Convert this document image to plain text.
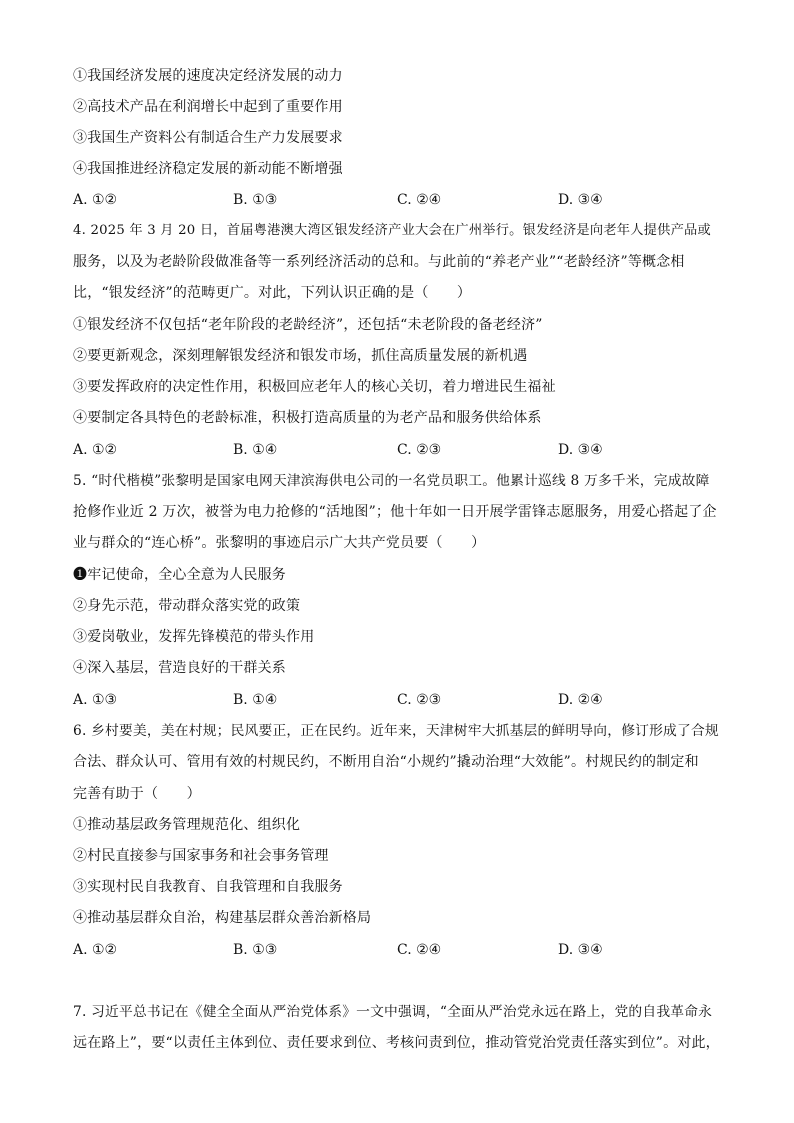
①我国经济发展的速度决定经济发展的动力
②高技术产品在利润增长中起到了重要作用
③我国生产资料公有制适合生产力发展要求
④我国推进经济稳定发展的新动能不断增强
A. ①②	B. ①③	C. ②④	D. ③④
4. 2025 年 3 月 20 日，首届粤港澳大湾区银发经济产业大会在广州举行。银发经济是向老年人提供产品或
服务，以及为老龄阶段做准备等一系列经济活动的总和。与此前的“养老产业”“老龄经济”等概念相
比，“银发经济”的范畴更广。对此，下列认识正确的是（　　）
①银发经济不仅包括“老年阶段的老龄经济”，还包括“未老阶段的备老经济”
②要更新观念，深刻理解银发经济和银发市场，抓住高质量发展的新机遇
③要发挥政府的决定性作用，积极回应老年人的核心关切，着力增进民生福祉
④要制定各具特色的老龄标准，积极打造高质量的为老产品和服务供给体系
A. ①②	B. ①④	C. ②③	D. ③④
5. “时代楷模”张黎明是国家电网天津滨海供电公司的一名党员职工。他累计巡线 8 万多千米，完成故障
抢修作业近 2 万次，被誉为电力抢修的“活地图”；他十年如一日开展学雷锋志愿服务，用爱心搭起了企
业与群众的“连心桥”。张黎明的事迹启示广大共产党员要（　　）
❶牢记使命，全心全意为人民服务
②身先示范，带动群众落实党的政策
③爱岗敬业，发挥先锋模范的带头作用
④深入基层，营造良好的干群关系
A. ①③	B. ①④	C. ②③	D. ②④
6. 乡村要美，美在村规；民风要正，正在民约。近年来，天津树牢大抓基层的鲜明导向，修订形成了合规
合法、群众认可、管用有效的村规民约，不断用自治“小规约”撬动治理“大效能”。村规民约的制定和
完善有助于（　　）
①推动基层政务管理规范化、组织化
②村民直接参与国家事务和社会事务管理
③实现村民自我教育、自我管理和自我服务
④推动基层群众自治，构建基层群众善治新格局
A. ①②	B. ①③	C. ②④	D. ③④
7. 习近平总书记在《健全全面从严治党体系》一文中强调，“全面从严治党永远在路上，党的自我革命永
远在路上”，要“以责任主体到位、责任要求到位、考核问责到位，推动管党治党责任落实到位”。对此，
